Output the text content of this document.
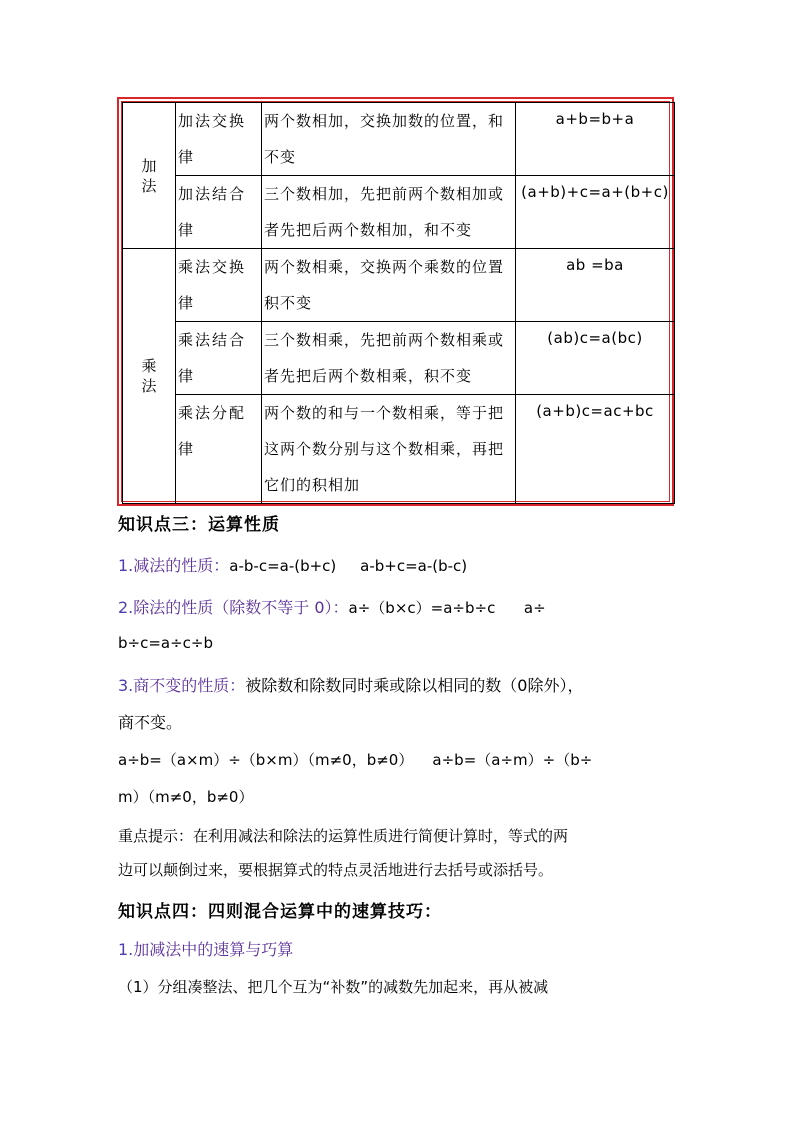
加法	加法交换律	两个数相加，交换加数的位置，和不变	a+b=b+a
	加法结合律	三个数相加，先把前两个数相加或者先把后两个数相加，和不变	(a+b)+c=a+(b+c)
乘法	乘法交换律	两个数相乘，交换两个乘数的位置积不变	ab =ba
	乘法结合律	三个数相乘，先把前两个数相乘或者先把后两个数相乘，积不变	(ab)c=a(bc)
	乘法分配律	两个数的和与一个数相乘，等于把这两个数分别与这个数相乘，再把它们的积相加	(a+b)c=ac+bc
知识点三：运算性质
1.减法的性质：a-b-c=a-(b+c)     a-b+c=a-(b-c)
2.除法的性质（除数不等于 0）：a÷（b×c）=a÷b÷c      a÷
b÷c=a÷c÷b
3.商不变的性质：被除数和除数同时乘或除以相同的数（0除外），
商不变。
a÷b=（a×m）÷（b×m）（m≠0，b≠0）    a÷b=（a÷m）÷（b÷
m）（m≠0，b≠0）
重点提示：在利用减法和除法的运算性质进行简便计算时，等式的两
边可以颠倒过来，要根据算式的特点灵活地进行去括号或添括号。
知识点四：四则混合运算中的速算技巧：
1.加减法中的速算与巧算
（1）分组凑整法、把几个互为“补数”的减数先加起来，再从被减
